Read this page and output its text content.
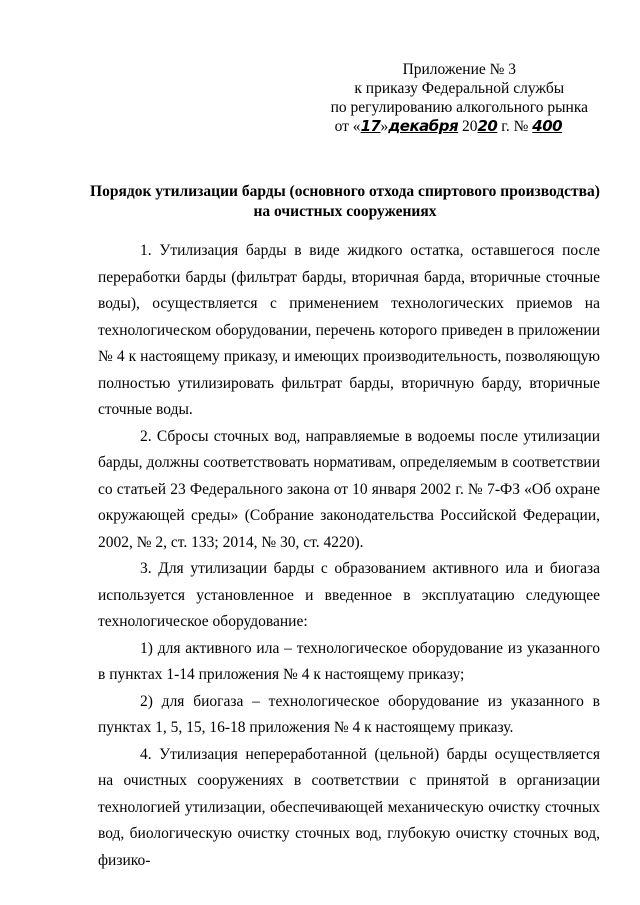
Приложение № 3
к приказу Федеральной службы
по регулированию алкогольного рынка
от «17»декабря 2020 г. № 400
Порядок утилизации барды (основного отхода спиртового производства)
на очистных сооружениях

1. Утилизация барды в виде жидкого остатка, оставшегося после переработки барды (фильтрат барды, вторичная барда, вторичные сточные воды), осуществляется с применением технологических приемов на технологическом оборудовании, перечень которого приведен в приложении № 4 к настоящему приказу, и имеющих производительность, позволяющую полностью утилизировать фильтрат барды, вторичную барду, вторичные сточные воды.

2. Сбросы сточных вод, направляемые в водоемы после утилизации барды, должны соответствовать нормативам, определяемым в соответствии со статьей 23 Федерального закона от 10 января 2002 г. № 7-ФЗ «Об охране окружающей среды» (Собрание законодательства Российской Федерации, 2002, № 2, ст. 133; 2014, № 30, ст. 4220).

3. Для утилизации барды с образованием активного ила и биогаза используется установленное и введенное в эксплуатацию следующее технологическое оборудование:

1) для активного ила – технологическое оборудование из указанного в пунктах 1-14 приложения № 4 к настоящему приказу;

2) для биогаза – технологическое оборудование из указанного в пунктах 1, 5, 15, 16-18 приложения № 4 к настоящему приказу.

4. Утилизация непереработанной (цельной) барды осуществляется на очистных сооружениях в соответствии с принятой в организации технологией утилизации, обеспечивающей механическую очистку сточных вод, биологическую очистку сточных вод, глубокую очистку сточных вод, физико-
